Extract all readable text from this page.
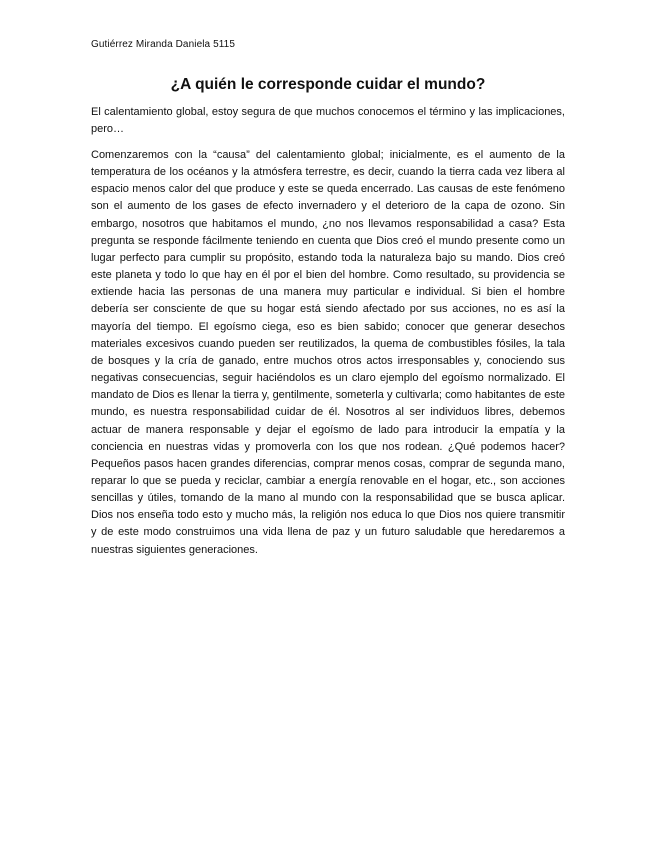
Gutiérrez Miranda Daniela 5115
¿A quién le corresponde cuidar el mundo?

El calentamiento global, estoy segura de que muchos conocemos el término y las implicaciones, pero…

Comenzaremos con la “causa” del calentamiento global; inicialmente, es el aumento de la temperatura de los océanos y la atmósfera terrestre, es decir, cuando la tierra cada vez libera al espacio menos calor del que produce y este se queda encerrado. Las causas de este fenómeno son el aumento de los gases de efecto invernadero y el deterioro de la capa de ozono. Sin embargo, nosotros que habitamos el mundo, ¿no nos llevamos responsabilidad a casa? Esta pregunta se responde fácilmente teniendo en cuenta que Dios creó el mundo presente como un lugar perfecto para cumplir su propósito, estando toda la naturaleza bajo su mando. Dios creó este planeta y todo lo que hay en él por el bien del hombre. Como resultado, su providencia se extiende hacia las personas de una manera muy particular e individual. Si bien el hombre debería ser consciente de que su hogar está siendo afectado por sus acciones, no es así la mayoría del tiempo. El egoísmo ciega, eso es bien sabido; conocer que generar desechos materiales excesivos cuando pueden ser reutilizados, la quema de combustibles fósiles, la tala de bosques y la cría de ganado, entre muchos otros actos irresponsables y, conociendo sus negativas consecuencias, seguir haciéndolos es un claro ejemplo del egoísmo normalizado. El mandato de Dios es llenar la tierra y, gentilmente, someterla y cultivarla; como habitantes de este mundo, es nuestra responsabilidad cuidar de él. Nosotros al ser individuos libres, debemos actuar de manera responsable y dejar el egoísmo de lado para introducir la empatía y la conciencia en nuestras vidas y promoverla con los que nos rodean. ¿Qué podemos hacer? Pequeños pasos hacen grandes diferencias, comprar menos cosas, comprar de segunda mano, reparar lo que se pueda y reciclar, cambiar a energía renovable en el hogar, etc., son acciones sencillas y útiles, tomando de la mano al mundo con la responsabilidad que se busca aplicar. Dios nos enseña todo esto y mucho más, la religión nos educa lo que Dios nos quiere transmitir y de este modo construimos una vida llena de paz y un futuro saludable que heredaremos a nuestras siguientes generaciones.
